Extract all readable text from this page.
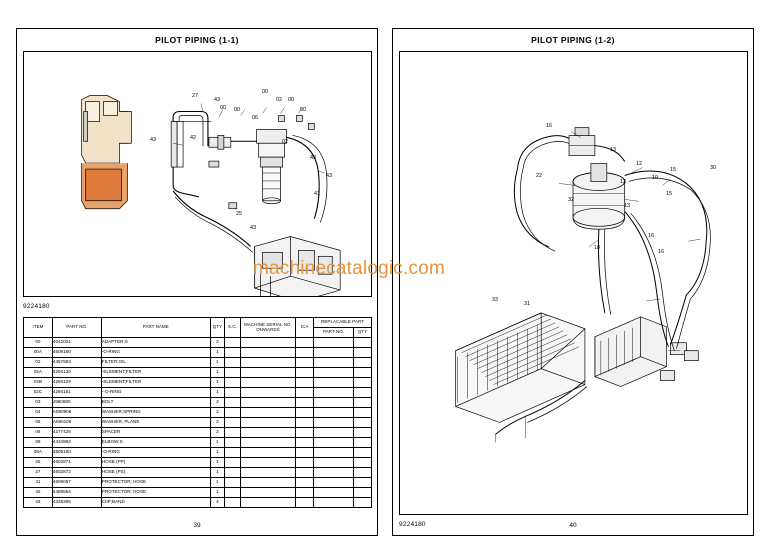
PILOT PIPING (1-1)
27
43
00
06
02 00
00
43	42
02
43
43
41
25
43
00
00
9224180
ITEM	PART NO.	PART NAME	QTY	S.C.	MACHINE SERIAL NO. ONWARDS	ICA	REPLACABLE PART	
							PART NO.	QTY
00	4042031	ADAPTER;S	2					
00A	4509180	-O-RING	1					
02	4457683	FILTER;OIL	1					
02A	4294130	-ELEMENT;FILTER	1					
02B	4294129	-ELEMENT;FILTER	1					
02C	4294161	--O-RING	1					
03	J960680	BOLT	2					
04	A590906	WASHER;SPRING	2					
05	A590106	WASHER; PLANE	2					
06	4277425	SPACER	2					
08	4434982	ELBOW;S	1					
08A	4509180	-O-RING	1					
25	4602871	HOSE (PP)	1					
27	4602872	HOSE (PS)	1					
41	4609057	PROTECTOR; HOSE	1					
42	4489554	PROTECTOR; HOSE	1					
43	4328365	CIIP;BAND	4					
39
PILOT PIPING (1-2)
16
13
12
13
22	10
15	30
32
13
15
18
16
16
33
31
9224180	40
machinecatalogic.com
